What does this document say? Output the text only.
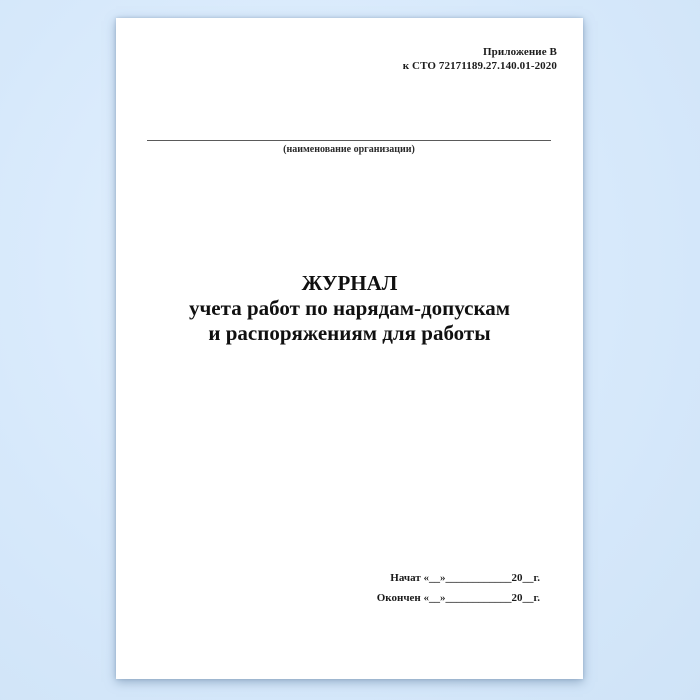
Приложение В
к СТО 72171189.27.140.01-2020
(наименование организации)
ЖУРНАЛ
учета работ по нарядам-допускам
и распоряжениям для работы
Начат «__»____________20__г.
Окончен «__»____________20__г.
